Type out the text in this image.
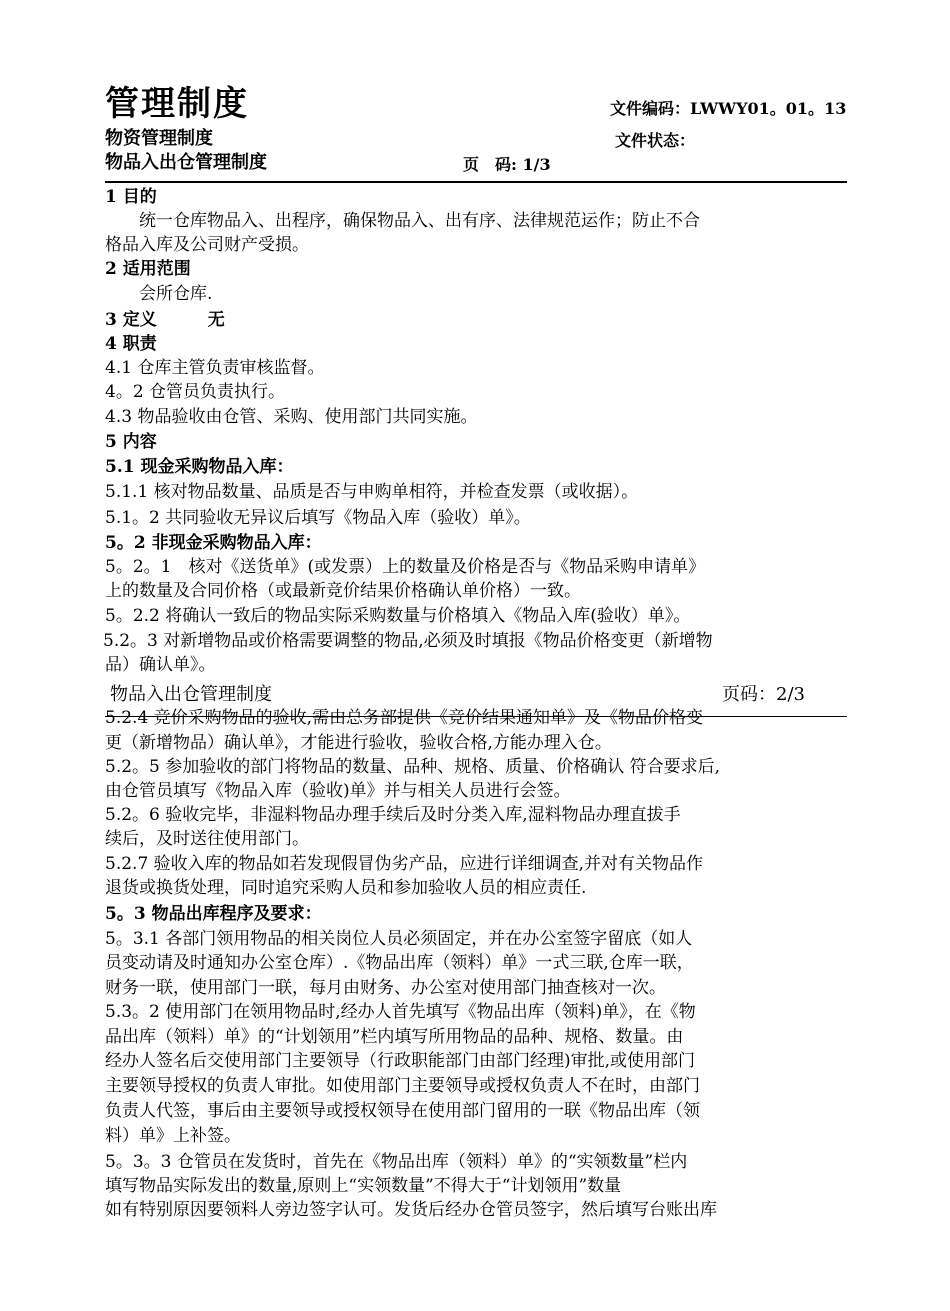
管理制度	文件编码：LWWY01。01。13
物资管理制度	文件状态：
物品入出仓管理制度	页　码: 1/3
1 目的
　　统一仓库物品入、出程序，确保物品入、出有序、法律规范运作；防止不合
格品入库及公司财产受损。
2 适用范围
　　会所仓库.
3 定义　　　无
4 职责
4.1 仓库主管负责审核监督。
4。2 仓管员负责执行。
4.3 物品验收由仓管、采购、使用部门共同实施。
5 内容
5.1 现金采购物品入库：
5.1.1 核对物品数量、品质是否与申购单相符，并检查发票（或收据）。
5.1。2 共同验收无异议后填写《物品入库（验收）单》。
5。2 非现金采购物品入库：
5。2。1　核对《送货单》(或发票）上的数量及价格是否与《物品采购申请单》
上的数量及合同价格（或最新竞价结果价格确认单价格）一致。
5。2.2 将确认一致后的物品实际采购数量与价格填入《物品入库(验收）单》。
5.2。3 对新增物品或价格需要调整的物品,必须及时填报《物品价格变更（新增物
品）确认单》。
物品入出仓管理制度	页码：2/3
5.2.4 竞价采购物品的验收,需由总务部提供《竞价结果通知单》及《物品价格变
更（新增物品）确认单》，才能进行验收，验收合格,方能办理入仓。
5.2。5 参加验收的部门将物品的数量、品种、规格、质量、价格确认 符合要求后,
由仓管员填写《物品入库（验收)单》并与相关人员进行会签。
5.2。6 验收完毕，非湿料物品办理手续后及时分类入库,湿料物品办理直拔手
续后，及时送往使用部门。
5.2.7 验收入库的物品如若发现假冒伪劣产品，应进行详细调查,并对有关物品作
退货或换货处理，同时追究采购人员和参加验收人员的相应责任.
5。3 物品出库程序及要求：
5。3.1 各部门领用物品的相关岗位人员必须固定，并在办公室签字留底（如人
员变动请及时通知办公室仓库）.《物品出库（领料）单》一式三联,仓库一联，
财务一联，使用部门一联，每月由财务、办公室对使用部门抽查核对一次。
5.3。2 使用部门在领用物品时,经办人首先填写《物品出库（领料)单》，在《物
品出库（领料）单》的“计划领用”栏内填写所用物品的品种、规格、数量。由
经办人签名后交使用部门主要领导（行政职能部门由部门经理)审批,或使用部门
主要领导授权的负责人审批。如使用部门主要领导或授权负责人不在时，由部门
负责人代签，事后由主要领导或授权领导在使用部门留用的一联《物品出库（领
料）单》上补签。
5。3。3 仓管员在发货时，首先在《物品出库（领料）单》的“实领数量”栏内
填写物品实际发出的数量,原则上“实领数量”不得大于“计划领用”数量
如有特别原因要领料人旁边签字认可。发货后经办仓管员签字，然后填写台账出库
